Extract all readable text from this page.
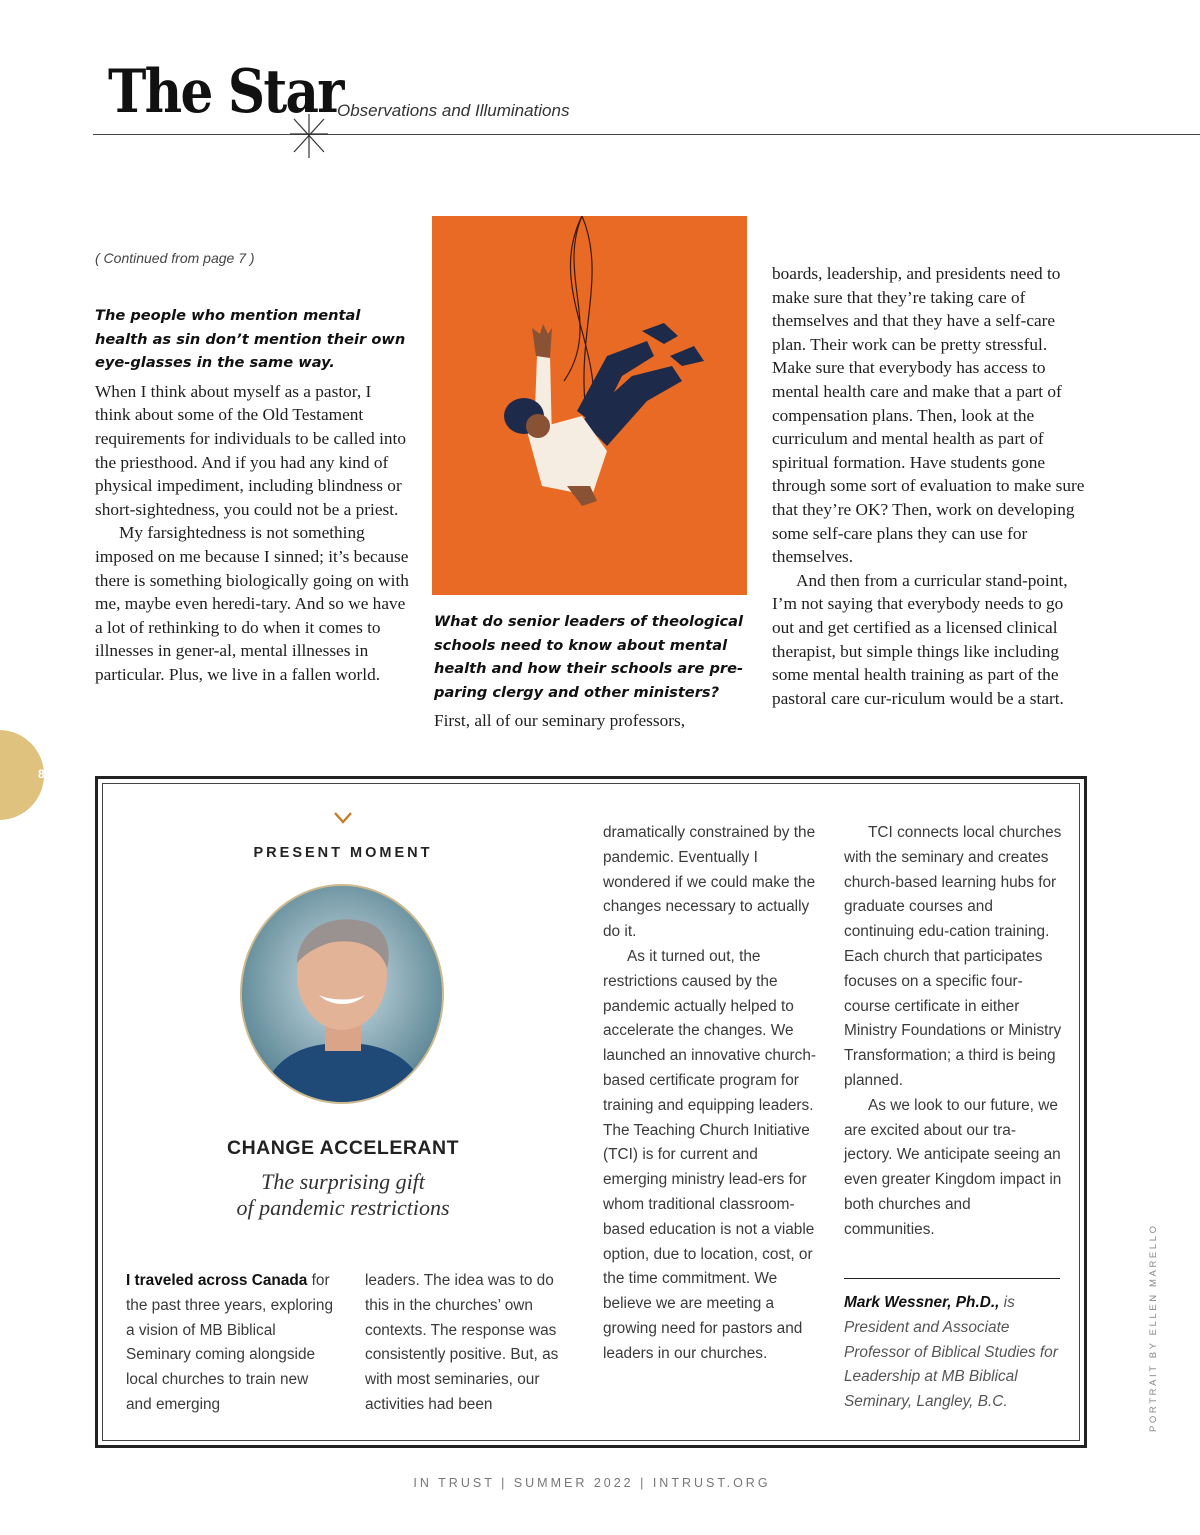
The Star
Observations and Illuminations
( Continued from page 7 )

The people who mention mental health as sin don’t mention their own eye-glasses in the same way.

When I think about myself as a pastor, I think about some of the Old Testament requirements for individuals to be called into the priesthood. And if you had any kind of physical impediment, including blindness or short-sightedness, you could not be a priest.

My farsightedness is not something imposed on me because I sinned; it’s because there is something biologically going on with me, maybe even heredi-tary. And so we have a lot of rethinking to do when it comes to illnesses in gener-al, mental illnesses in particular. Plus, we live in a fallen world.

What do senior leaders of theological schools need to know about mental health and how their schools are pre-paring clergy and other ministers?

First, all of our seminary professors,

boards, leadership, and presidents need to make sure that they’re taking care of themselves and that they have a self-care plan. Their work can be pretty stressful. Make sure that everybody has access to mental health care and make that a part of compensation plans. Then, look at the curriculum and mental health as part of spiritual formation. Have students gone through some sort of evaluation to make sure that they’re OK? Then, work on developing some self-care plans they can use for themselves.

And then from a curricular stand-point, I’m not saying that everybody needs to go out and get certified as a licensed clinical therapist, but simple things like including some mental health training as part of the pastoral care cur-riculum would be a start.

8
PRESENT MOMENT
CHANGE ACCELERANT
The surprising gift
of pandemic restrictions

I traveled across Canada for the past three years, exploring a vision of MB Biblical Seminary coming alongside local churches to train new and emerging

leaders. The idea was to do this in the churches’ own contexts. The response was consistently positive. But, as with most seminaries, our activities had been

dramatically constrained by the pandemic. Eventually I wondered if we could make the changes necessary to actually do it.

As it turned out, the restrictions caused by the pandemic actually helped to accelerate the changes. We launched an innovative church-based certificate program for training and equipping leaders. The Teaching Church Initiative (TCI) is for current and emerging ministry lead-ers for whom traditional classroom-based education is not a viable option, due to location, cost, or the time commitment. We believe we are meeting a growing need for pastors and leaders in our churches.

TCI connects local churches with the seminary and creates church-based learning hubs for graduate courses and continuing edu-cation training. Each church that participates focuses on a specific four-course certificate in either Ministry Foundations or Ministry Transformation; a third is being planned.

As we look to our future, we are excited about our tra-jectory. We anticipate seeing an even greater Kingdom impact in both churches and communities.

Mark Wessner, Ph.D., is President and Associate Professor of Biblical Studies for Leadership at MB Biblical Seminary, Langley, B.C.	PORTRAIT BY ELLEN MARELLO
IN TRUST | SUMMER 2022 | INTRUST.ORG
